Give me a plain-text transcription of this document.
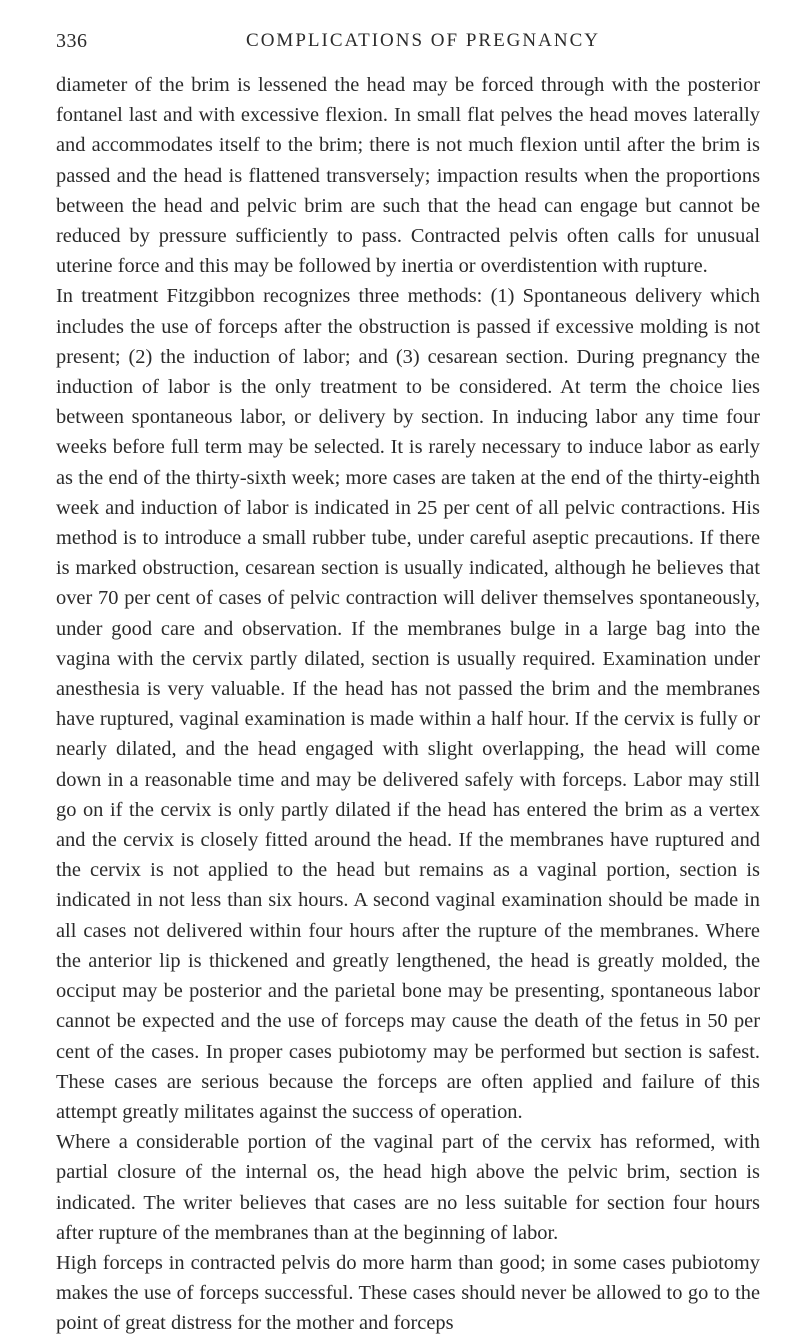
336	COMPLICATIONS OF PREGNANCY

diameter of the brim is lessened the head may be forced through with the posterior fontanel last and with excessive flexion. In small flat pelves the head moves laterally and accommodates itself to the brim; there is not much flexion until after the brim is passed and the head is flattened transversely; impaction results when the proportions between the head and pelvic brim are such that the head can engage but cannot be reduced by pressure sufficiently to pass. Contracted pelvis often calls for unusual uterine force and this may be followed by inertia or overdistention with rupture.

In treatment Fitzgibbon recognizes three methods: (1) Spontaneous delivery which includes the use of forceps after the obstruction is passed if excessive molding is not present; (2) the induction of labor; and (3) cesarean section. During pregnancy the induction of labor is the only treatment to be considered. At term the choice lies between spontaneous labor, or delivery by section. In inducing labor any time four weeks before full term may be selected. It is rarely necessary to induce labor as early as the end of the thirty-sixth week; more cases are taken at the end of the thirty-eighth week and induction of labor is indicated in 25 per cent of all pelvic contractions. His method is to introduce a small rubber tube, under careful aseptic precautions. If there is marked obstruction, cesarean section is usually indicated, although he believes that over 70 per cent of cases of pelvic contraction will deliver themselves spontaneously, under good care and observation. If the membranes bulge in a large bag into the vagina with the cervix partly dilated, section is usually required. Examination under anesthesia is very valuable. If the head has not passed the brim and the membranes have ruptured, vaginal examination is made within a half hour. If the cervix is fully or nearly dilated, and the head engaged with slight overlapping, the head will come down in a reasonable time and may be delivered safely with forceps. Labor may still go on if the cervix is only partly dilated if the head has entered the brim as a vertex and the cervix is closely fitted around the head. If the membranes have ruptured and the cervix is not applied to the head but remains as a vaginal portion, section is indicated in not less than six hours. A second vaginal examination should be made in all cases not delivered within four hours after the rupture of the membranes. Where the anterior lip is thickened and greatly lengthened, the head is greatly molded, the occiput may be posterior and the parietal bone may be presenting, spontaneous labor cannot be expected and the use of forceps may cause the death of the fetus in 50 per cent of the cases. In proper cases pubiotomy may be performed but section is safest. These cases are serious because the forceps are often applied and failure of this attempt greatly militates against the success of operation.

Where a considerable portion of the vaginal part of the cervix has reformed, with partial closure of the internal os, the head high above the pelvic brim, section is indicated. The writer believes that cases are no less suitable for section four hours after rupture of the membranes than at the beginning of labor.

High forceps in contracted pelvis do more harm than good; in some cases pubiotomy makes the use of forceps successful. These cases should never be allowed to go to the point of great distress for the mother and forceps
